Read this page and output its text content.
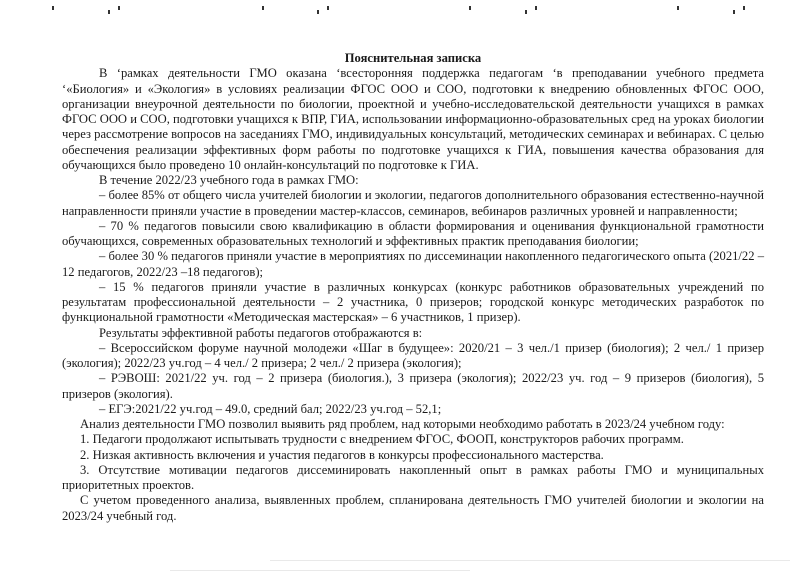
Пояснительная записка

В ‘рамках деятельности ГМО оказана ‘всесторонняя поддержка педагогам ‘в преподавании учебного предмета ‘«Биология» и «Экология» в условиях реализации ФГОС ООО и СОО, подготовки к внедрению обновленных ФГОС ООО, организации внеурочной деятельности по биологии, проектной и учебно-исследовательской деятельности учащихся в рамках ФГОС ООО и СОО, подготовки учащихся к ВПР, ГИА, использовании информационно-образовательных сред на уроках биологии через рассмотрение вопросов на заседаниях ГМО, индивидуальных консультаций, методических семинарах и вебинарах. С целью обеспечения реализации эффективных форм работы по подготовке учащихся к ГИА, повышения качества образования для обучающихся было проведено 10 онлайн-консультаций по подготовке к ГИА.

В течение 2022/23 учебного года в рамках ГМО:

– более 85% от общего числа учителей биологии и экологии, педагогов дополнительного образования естественно-научной направленности приняли участие в проведении мастер-классов, семинаров, вебинаров различных уровней и направленности;

– 70 % педагогов повысили свою квалификацию в области формирования и оценивания функциональной грамотности обучающихся, современных образовательных технологий и эффективных практик преподавания биологии;

– более 30 % педагогов приняли участие в мероприятиях по диссеминации накопленного педагогического опыта (2021/22 – 12 педагогов, 2022/23 –18 педагогов);

– 15 % педагогов приняли участие в различных конкурсах (конкурс работников образовательных учреждений по результатам профессиональной деятельности – 2 участника, 0 призеров; городской конкурс методических разработок по функциональной грамотности «Методическая мастерская» – 6 участников, 1 призер).

Результаты эффективной работы педагогов отображаются в:

– Всероссийском форуме научной молодежи «Шаг в будущее»: 2020/21 – 3 чел./1 призер (биология); 2 чел./ 1 призер (экология); 2022/23 уч.год – 4 чел./ 2 призера; 2 чел./ 2 призера (экология);

– РЭВОШ: 2021/22 уч. год – 2 призера (биология.), 3 призера (экология); 2022/23 уч. год – 9 призеров (биология), 5 призеров (экология).

– ЕГЭ:2021/22 уч.год – 49.0, средний бал; 2022/23 уч.год – 52,1;

Анализ деятельности ГМО позволил выявить ряд проблем, над которыми необходимо работать в 2023/24 учебном году:

1. Педагоги продолжают испытывать трудности с внедрением ФГОС, ФООП, конструкторов рабочих программ.

2. Низкая активность включения и участия педагогов в конкурсы профессионального мастерства.

3. Отсутствие мотивации педагогов диссеминировать накопленный опыт в рамках работы ГМО и муниципальных приоритетных проектов.

С учетом проведенного анализа, выявленных проблем, спланирована деятельность ГМО учителей биологии и экологии на 2023/24 учебный год.
